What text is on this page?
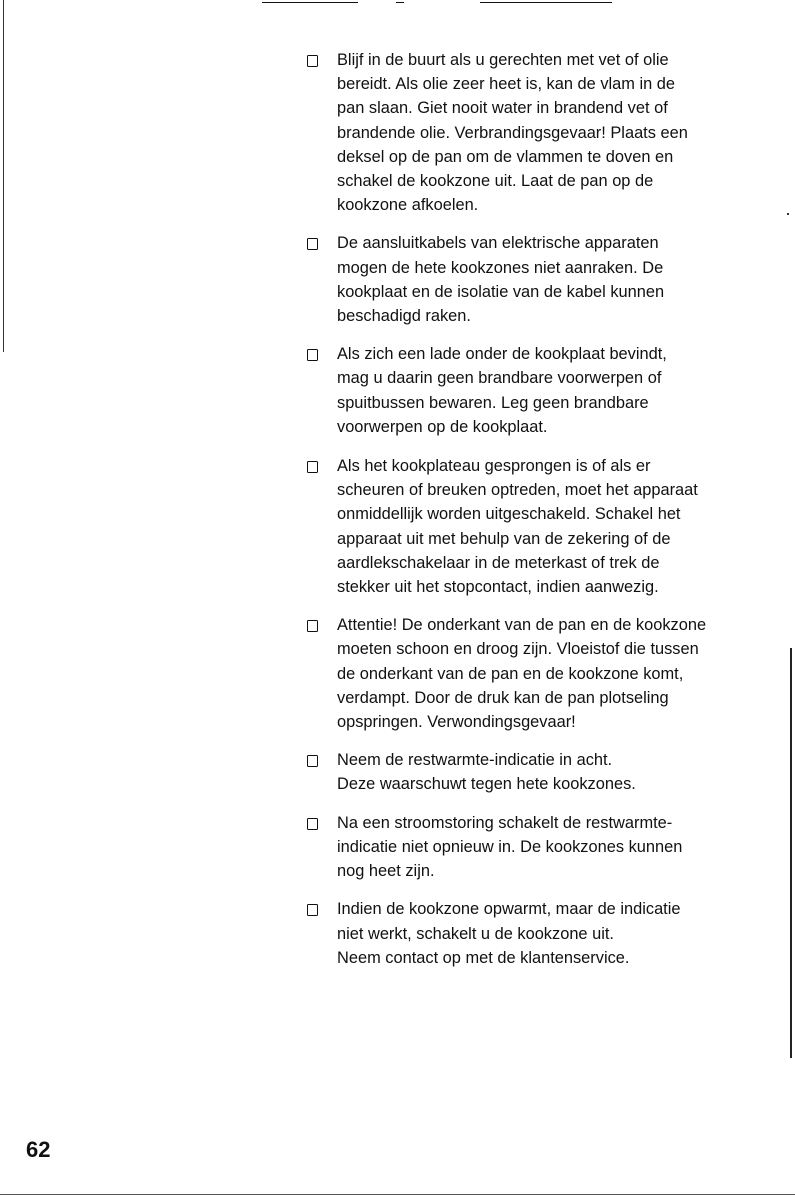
Blijf in de buurt als u gerechten met vet of olie
bereidt. Als olie zeer heet is, kan de vlam in de
pan slaan. Giet nooit water in brandend vet of
brandende olie. Verbrandingsgevaar! Plaats een
deksel op de pan om de vlammen te doven en
schakel de kookzone uit. Laat de pan op de
kookzone afkoelen.
De aansluitkabels van elektrische apparaten
mogen de hete kookzones niet aanraken. De
kookplaat en de isolatie van de kabel kunnen
beschadigd raken.
Als zich een lade onder de kookplaat bevindt,
mag u daarin geen brandbare voorwerpen of
spuitbussen bewaren. Leg geen brandbare
voorwerpen op de kookplaat.
Als het kookplateau gesprongen is of als er
scheuren of breuken optreden, moet het apparaat
onmiddellijk worden uitgeschakeld. Schakel het
apparaat uit met behulp van de zekering of de
aardlekschakelaar in de meterkast of trek de
stekker uit het stopcontact, indien aanwezig.
Attentie! De onderkant van de pan en de kookzone
moeten schoon en droog zijn. Vloeistof die tussen
de onderkant van de pan en de kookzone komt,
verdampt. Door de druk kan de pan plotseling
opspringen. Verwondingsgevaar!
Neem de restwarmte-indicatie in acht.
Deze waarschuwt tegen hete kookzones.
Na een stroomstoring schakelt de restwarmte-
indicatie niet opnieuw in. De kookzones kunnen
nog heet zijn.
Indien de kookzone opwarmt, maar de indicatie
niet werkt, schakelt u de kookzone uit.
Neem contact op met de klantenservice.
62
